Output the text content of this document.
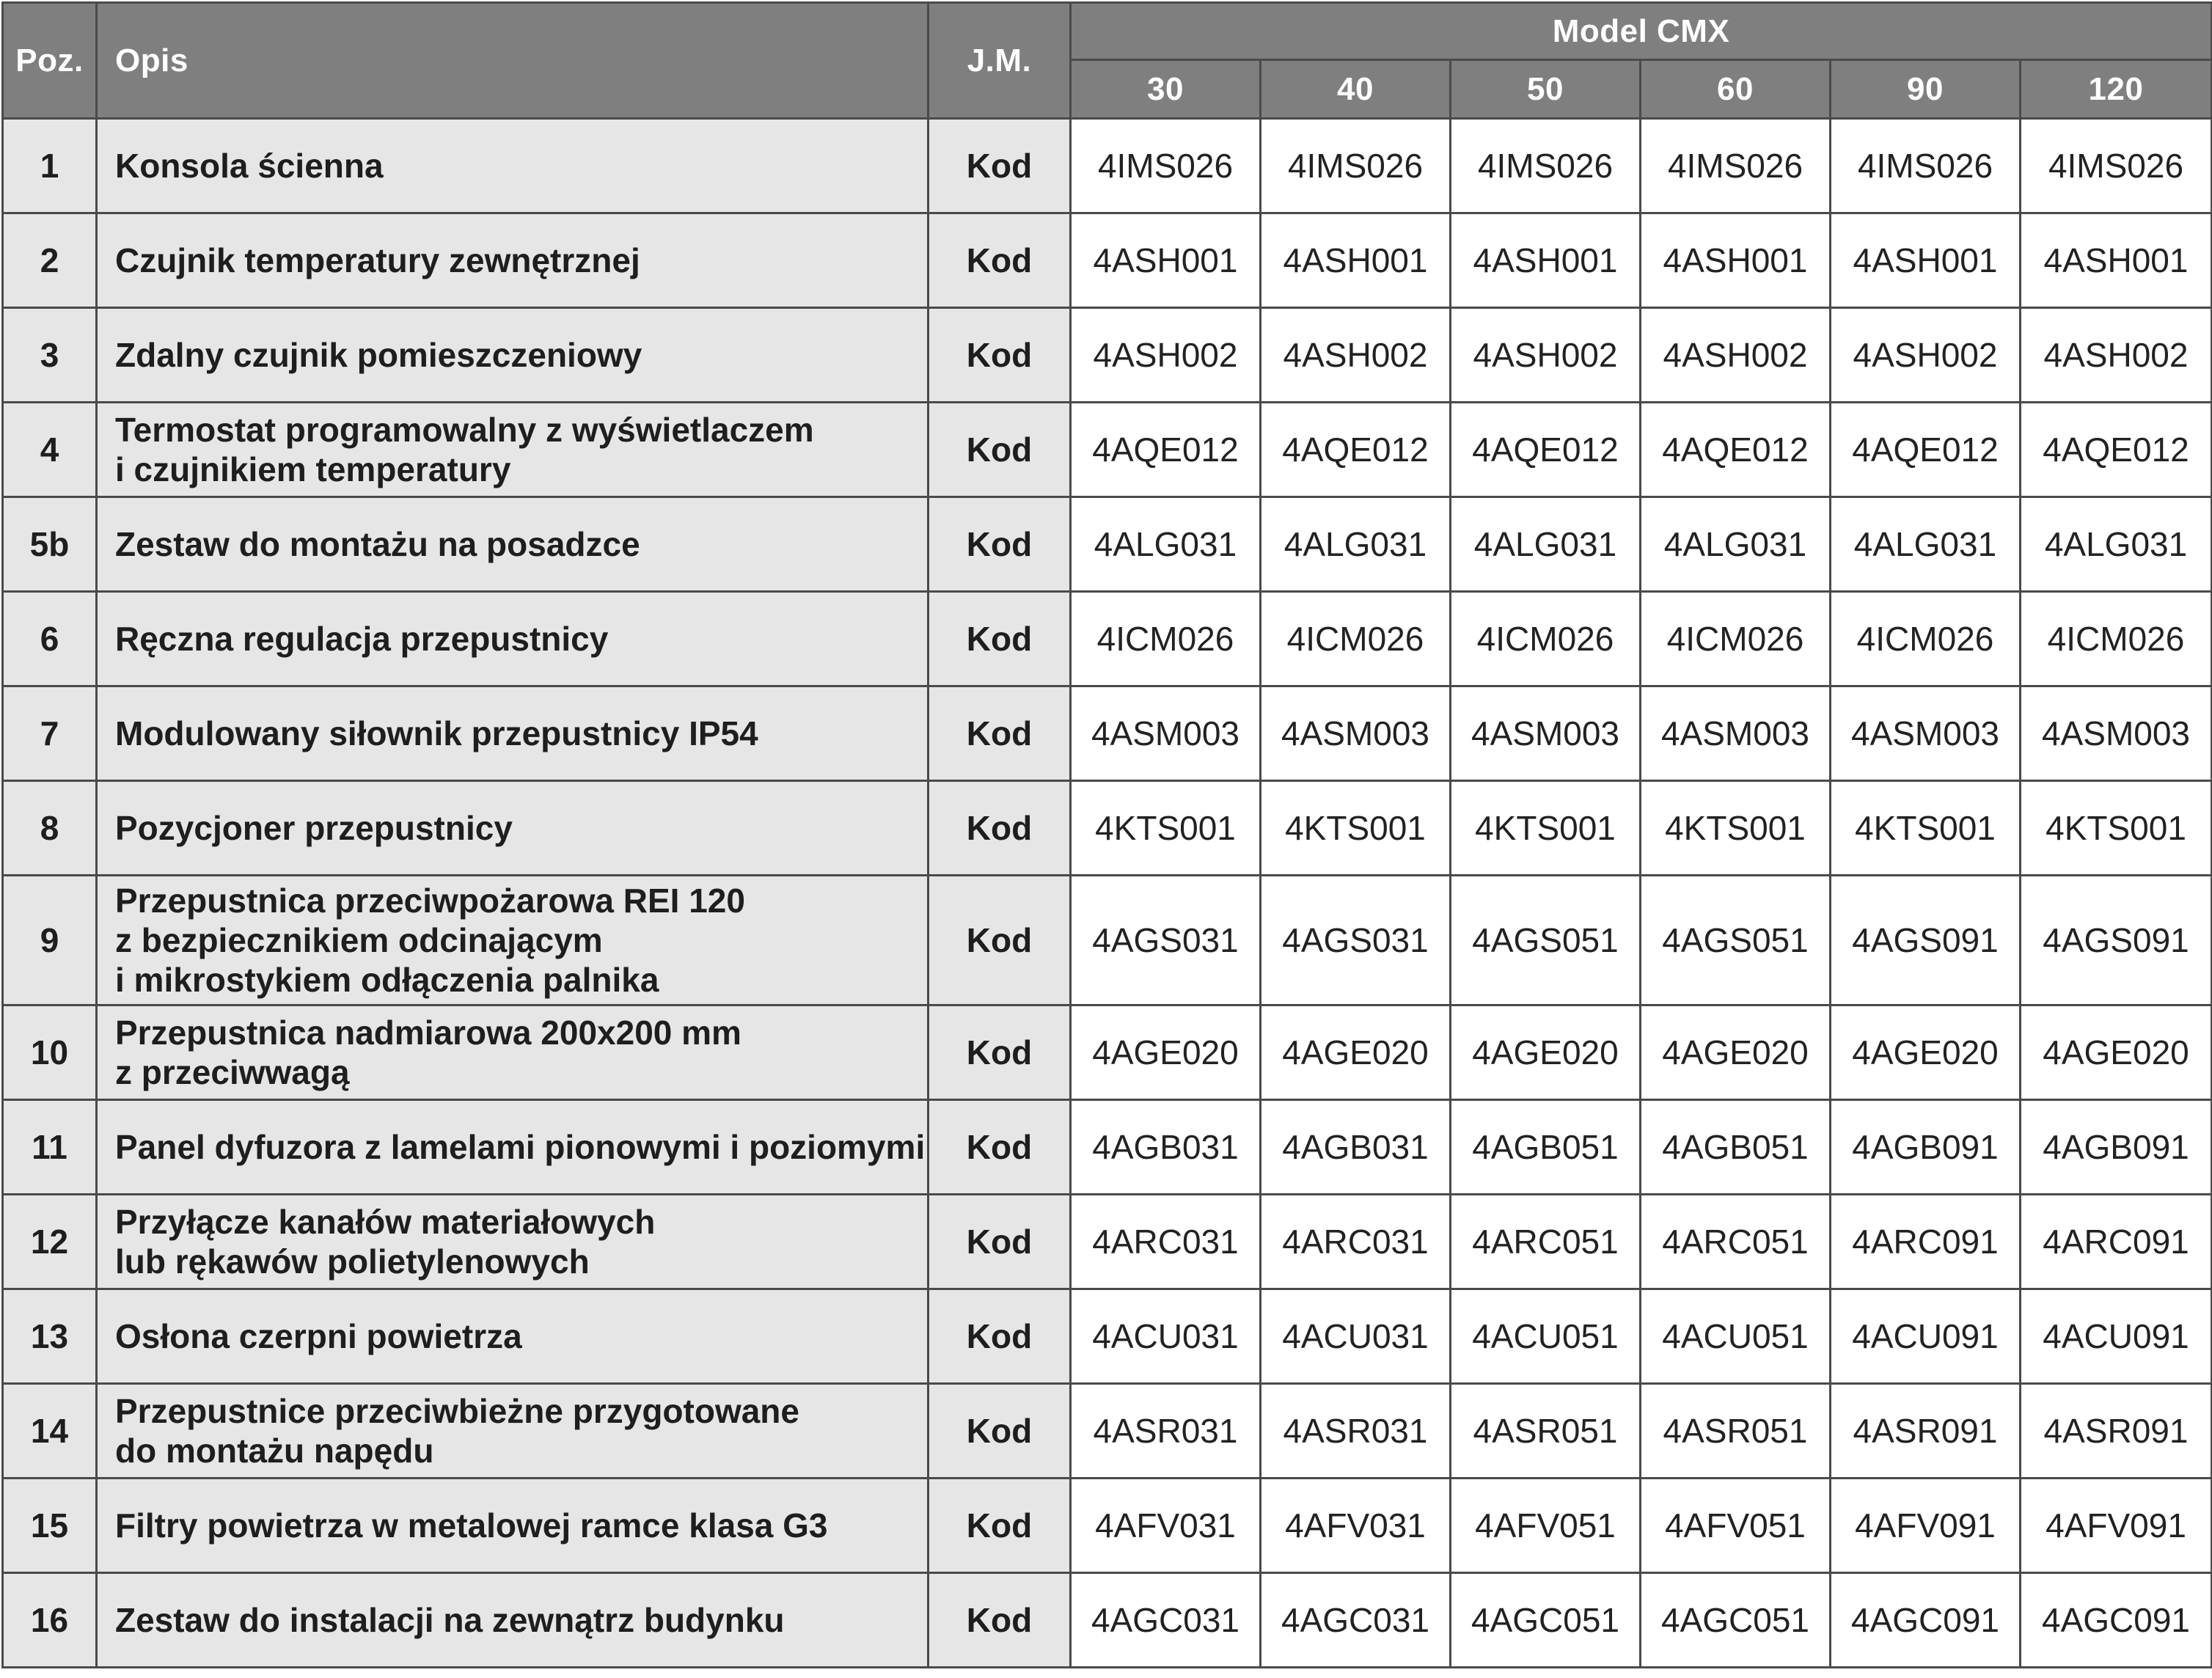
Poz.	Opis	J.M.	Model CMX					
			30	40	50	60	90	120
1	Konsola ścienna	Kod	4IMS026	4IMS026	4IMS026	4IMS026	4IMS026	4IMS026
2	Czujnik temperatury zewnętrznej	Kod	4ASH001	4ASH001	4ASH001	4ASH001	4ASH001	4ASH001
3	Zdalny czujnik pomieszczeniowy	Kod	4ASH002	4ASH002	4ASH002	4ASH002	4ASH002	4ASH002
4	Termostat programowalny z wyświetlaczem
i czujnikiem temperatury	Kod	4AQE012	4AQE012	4AQE012	4AQE012	4AQE012	4AQE012
5b	Zestaw do montażu na posadzce	Kod	4ALG031	4ALG031	4ALG031	4ALG031	4ALG031	4ALG031
6	Ręczna regulacja przepustnicy	Kod	4ICM026	4ICM026	4ICM026	4ICM026	4ICM026	4ICM026
7	Modulowany siłownik przepustnicy IP54	Kod	4ASM003	4ASM003	4ASM003	4ASM003	4ASM003	4ASM003
8	Pozycjoner przepustnicy	Kod	4KTS001	4KTS001	4KTS001	4KTS001	4KTS001	4KTS001
9	Przepustnica przeciwpożarowa REI 120
z bezpiecznikiem odcinającym
i mikrostykiem odłączenia palnika	Kod	4AGS031	4AGS031	4AGS051	4AGS051	4AGS091	4AGS091
10	Przepustnica nadmiarowa 200x200 mm
z przeciwwagą	Kod	4AGE020	4AGE020	4AGE020	4AGE020	4AGE020	4AGE020
11	Panel dyfuzora z lamelami pionowymi i poziomymi	Kod	4AGB031	4AGB031	4AGB051	4AGB051	4AGB091	4AGB091
12	Przyłącze kanałów materiałowych
lub rękawów polietylenowych	Kod	4ARC031	4ARC031	4ARC051	4ARC051	4ARC091	4ARC091
13	Osłona czerpni powietrza	Kod	4ACU031	4ACU031	4ACU051	4ACU051	4ACU091	4ACU091
14	Przepustnice przeciwbieżne przygotowane
do montażu napędu	Kod	4ASR031	4ASR031	4ASR051	4ASR051	4ASR091	4ASR091
15	Filtry powietrza w metalowej ramce klasa G3	Kod	4AFV031	4AFV031	4AFV051	4AFV051	4AFV091	4AFV091
16	Zestaw do instalacji na zewnątrz budynku	Kod	4AGC031	4AGC031	4AGC051	4AGC051	4AGC091	4AGC091
